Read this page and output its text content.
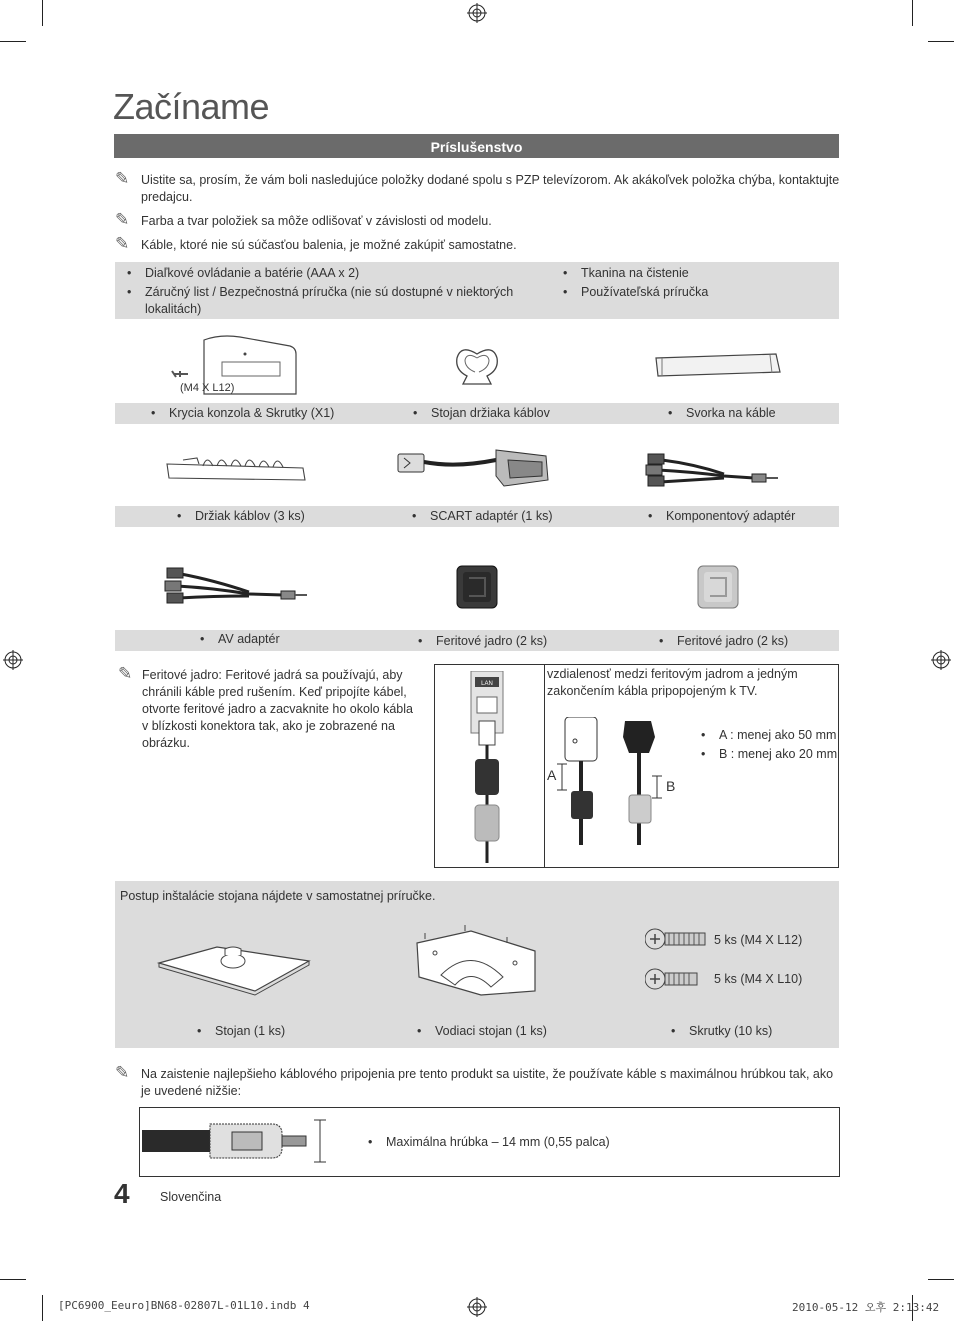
Začíname
Príslušenstvo
✎ Uistite sa, prosím, že vám boli nasledujúce položky dodané spolu s PZP televízorom. Ak akákoľvek položka chýba, kontaktujte predajcu.
✎ Farba a tvar položiek sa môže odlišovať v závislosti od modelu.
✎ Káble, ktoré nie sú súčasťou balenia, je možné zakúpiť samostatne.
• Diaľkové ovládanie a batérie (AAA x 2)
• Záručný list / Bezpečnostná príručka (nie sú dostupné v niektorých lokalitách)
• Tkanina na čistenie
• Používateľská príručka
(M4 X L12)
• Krycia konzola & Skrutky (X1)	• Stojan držiaka káblov	• Svorka na káble
• Držiak káblov (3 ks)	• SCART adaptér (1 ks)	• Komponentový adaptér
• AV adaptér	• Feritové jadro (2 ks)	• Feritové jadro (2 ks)
✎ Feritové jadro: Feritové jadrá sa používajú, aby chránili káble pred rušením. Keď pripojíte kábel, otvorte feritové jadro a zacvaknite ho okolo kábla v blízkosti konektora tak, ako je zobrazené na obrázku.
LAN
vzdialenosť medzi feritovým jadrom a jedným zakončením kábla pripopojeným k TV.
A
B
• A : menej ako 50 mm
• B : menej ako 20 mm
Postup inštalácie stojana nájdete v samostatnej príručke.
5 ks (M4 X L12)
5 ks (M4 X L10)
• Stojan (1 ks)	• Vodiaci stojan (1 ks)	• Skrutky (10 ks)
✎ Na zaistenie najlepšieho káblového pripojenia pre tento produkt sa uistite, že používate káble s maximálnou hrúbkou tak, ako je uvedené nižšie:
• Maximálna hrúbka – 14 mm (0,55 palca)
4 Slovenčina
[PC6900_Eeuro]BN68-02807L-01L10.indb 4	2010-05-12 오후 2:13:42
